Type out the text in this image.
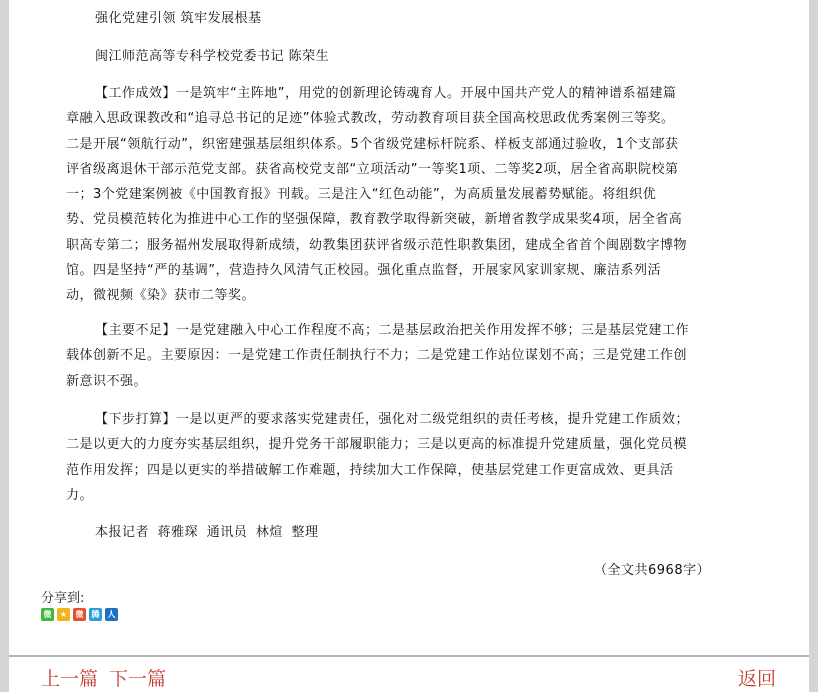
强化党建引领 筑牢发展根基

闽江师范高等专科学校党委书记 陈荣生

【工作成效】一是筑牢“主阵地”，用党的创新理论铸魂育人。开展中国共产党人的精神谱系福建篇
章融入思政课教改和“追寻总书记的足迹”体验式教改，劳动教育项目获全国高校思政优秀案例三等奖。
二是开展“领航行动”，织密建强基层组织体系。5个省级党建标杆院系、样板支部通过验收，1个支部获
评省级离退休干部示范党支部。获省高校党支部“立项活动”一等奖1项、二等奖2项，居全省高职院校第
一；3个党建案例被《中国教育报》刊载。三是注入“红色动能”，为高质量发展蓄势赋能。将组织优
势、党员模范转化为推进中心工作的坚强保障，教育教学取得新突破，新增省教学成果奖4项，居全省高
职高专第二；服务福州发展取得新成绩，幼教集团获评省级示范性职教集团，建成全省首个闽剧数字博物
馆。四是坚持“严的基调”，营造持久风清气正校园。强化重点监督，开展家风家训家规、廉洁系列活
动，微视频《染》获市二等奖。

【主要不足】一是党建融入中心工作程度不高；二是基层政治把关作用发挥不够；三是基层党建工作
载体创新不足。主要原因：一是党建工作责任制执行不力；二是党建工作站位谋划不高；三是党建工作创
新意识不强。

【下步打算】一是以更严的要求落实党建责任，强化对二级党组织的责任考核，提升党建工作质效；
二是以更大的力度夯实基层组织，提升党务干部履职能力；三是以更高的标准提升党建质量，强化党员模
范作用发挥；四是以更实的举措破解工作难题，持续加大工作保障，使基层党建工作更富成效、更具活
力。

本报记者 蒋雅琛 通讯员 林煊 整理

（全文共6968字）

分享到:
微	★	微	腾	人
上一篇 下一篇	返回
